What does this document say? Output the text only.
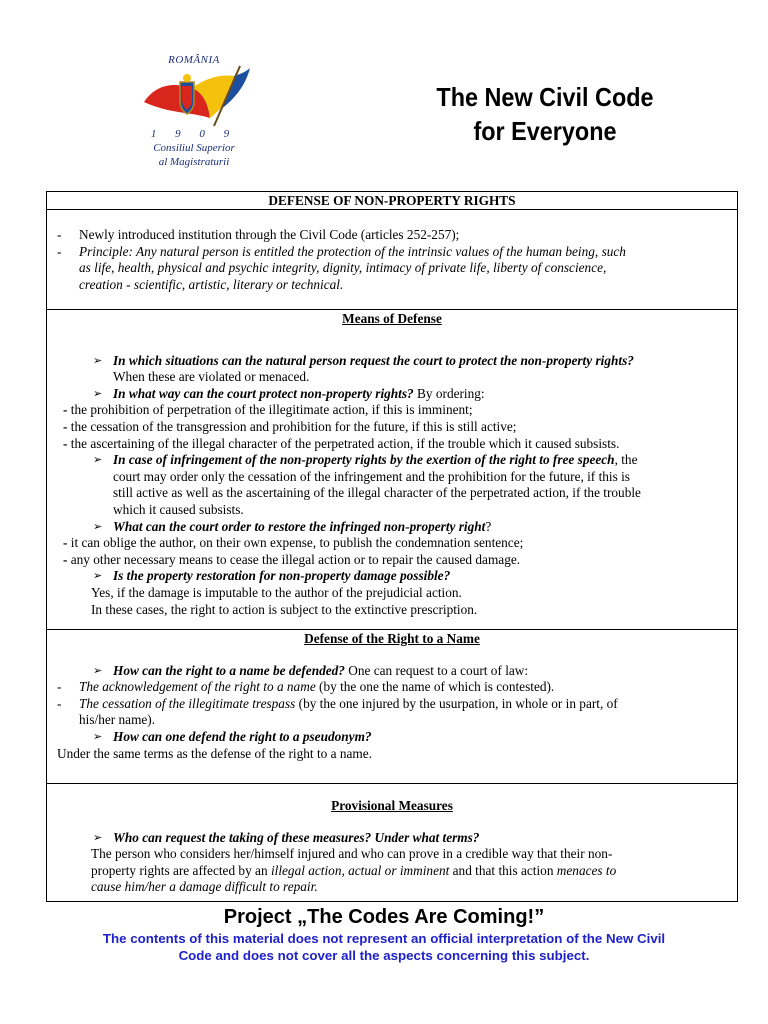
ROMÂNIA
1 9 0 9
Consiliul Superior
al Magistraturii
The New Civil Code
for Everyone
DEFENSE OF NON-PROPERTY RIGHTS
- Newly introduced institution through the Civil Code (articles 252-257);
- Principle: Any natural person is entitled the protection of the intrinsic values of the human being, such
as life, health, physical and psychic integrity, dignity, intimacy of private life, liberty of conscience,
creation - scientific, artistic, literary or technical.
Means of Defense
➢ In which situations can the natural person request the court to protect the non-property rights?
When these are violated or menaced.
➢ In what way can the court protect non-property rights? By ordering:
- the prohibition of perpetration of the illegitimate action, if this is imminent;
- the cessation of the transgression and prohibition for the future, if this is still active;
- the ascertaining of the illegal character of the perpetrated action, if the trouble which it caused subsists.
➢ In case of infringement of the non-property rights by the exertion of the right to free speech, the
court may order only the cessation of the infringement and the prohibition for the future, if this is
still active as well as the ascertaining of the illegal character of the perpetrated action, if the trouble
which it caused subsists.
➢ What can the court order to restore the infringed non-property right?
- it can oblige the author, on their own expense, to publish the condemnation sentence;
- any other necessary means to cease the illegal action or to repair the caused damage.
➢ Is the property restoration for non-property damage possible?
Yes, if the damage is imputable to the author of the prejudicial action.
In these cases, the right to action is subject to the extinctive prescription.
Defense of the Right to a Name
➢ How can the right to a name be defended? One can request to a court of law:
- The acknowledgement of the right to a name (by the one the name of which is contested).
- The cessation of the illegitimate trespass (by the one injured by the usurpation, in whole or in part, of
his/her name).
➢ How can one defend the right to a pseudonym?
Under the same terms as the defense of the right to a name.
Provisional Measures
➢ Who can request the taking of these measures? Under what terms?
The person who considers her/himself injured and who can prove in a credible way that their non-
property rights are affected by an illegal action, actual or imminent and that this action menaces to
cause him/her a damage difficult to repair.
Project „The Codes Are Coming!”
The contents of this material does not represent an official interpretation of the New Civil
Code and does not cover all the aspects concerning this subject.
